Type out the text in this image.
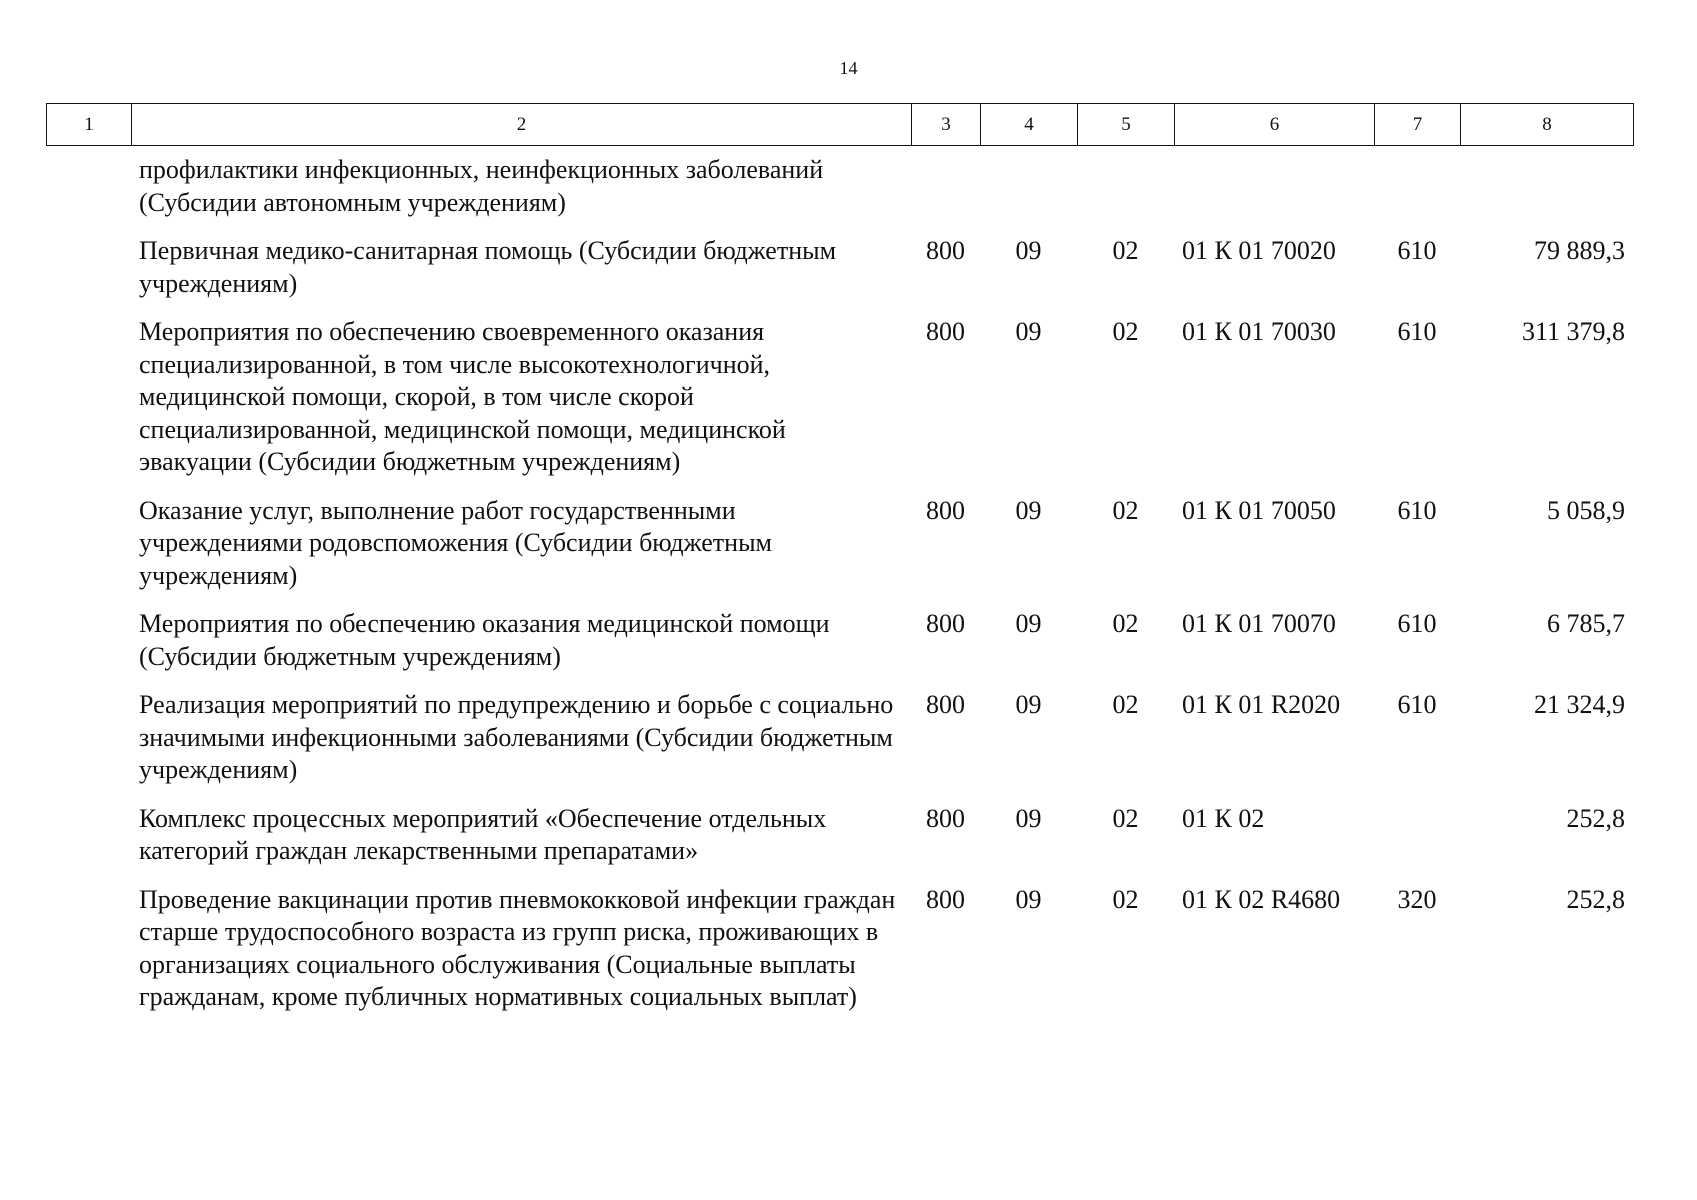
14
1	2	3	4	5	6	7	8
	профилактики инфекционных, неинфекционных заболеваний (Субсидии автономным учреждениям)						
	Первичная медико-санитарная помощь (Субсидии бюджетным учреждениям)	800	09	02	01 К 01 70020	610	79 889,3
	Мероприятия по обеспечению своевременного оказания специализированной, в том числе высокотехнологичной, медицинской помощи, скорой, в том числе скорой специализированной, медицинской помощи, медицинской эвакуации (Субсидии бюджетным учреждениям)	800	09	02	01 К 01 70030	610	311 379,8
	Оказание услуг, выполнение работ государственными учреждениями родовспоможения (Субсидии бюджетным учреждениям)	800	09	02	01 К 01 70050	610	5 058,9
	Мероприятия по обеспечению оказания медицинской помощи (Субсидии бюджетным учреждениям)	800	09	02	01 К 01 70070	610	6 785,7
	Реализация мероприятий по предупреждению и борьбе с социально значимыми инфекционными заболеваниями (Субсидии бюджетным учреждениям)	800	09	02	01 К 01 R2020	610	21 324,9
	Комплекс процессных мероприятий «Обеспечение отдельных категорий граждан лекарственными препаратами»	800	09	02	01 К 02		252,8
	Проведение вакцинации против пневмококковой инфекции граждан старше трудоспособного возраста из групп риска, проживающих в организациях социального обслуживания (Социальные выплаты гражданам, кроме публичных нормативных социальных выплат)	800	09	02	01 К 02 R4680	320	252,8
